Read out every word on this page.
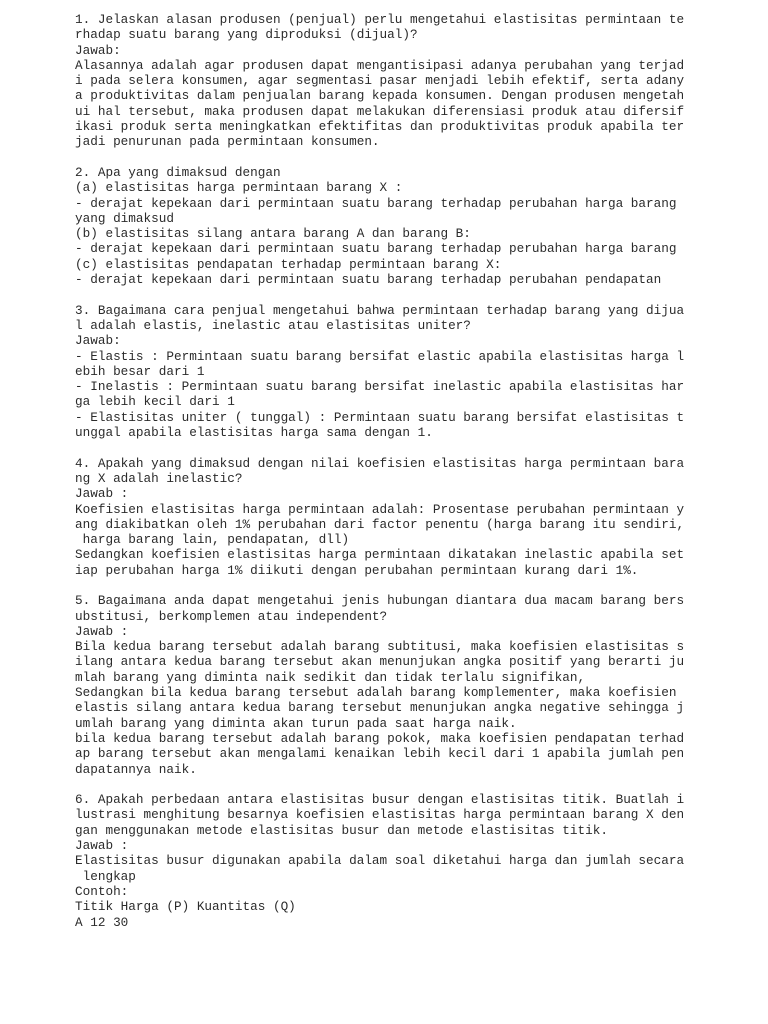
1. Jelaskan alasan produsen (penjual) perlu mengetahui elastisitas permintaan te
rhadap suatu barang yang diproduksi (dijual)?
Jawab:
Alasannya adalah agar produsen dapat mengantisipasi adanya perubahan yang terjad
i pada selera konsumen, agar segmentasi pasar menjadi lebih efektif, serta adany
a produktivitas dalam penjualan barang kepada konsumen. Dengan produsen mengetah
ui hal tersebut, maka produsen dapat melakukan diferensiasi produk atau difersif
ikasi produk serta meningkatkan efektifitas dan produktivitas produk apabila ter
jadi penurunan pada permintaan konsumen.
2. Apa yang dimaksud dengan
(a) elastisitas harga permintaan barang X :
- derajat kepekaan dari permintaan suatu barang terhadap perubahan harga barang
yang dimaksud
(b) elastisitas silang antara barang A dan barang B:
- derajat kepekaan dari permintaan suatu barang terhadap perubahan harga barang
(c) elastisitas pendapatan terhadap permintaan barang X:
- derajat kepekaan dari permintaan suatu barang terhadap perubahan pendapatan
3. Bagaimana cara penjual mengetahui bahwa permintaan terhadap barang yang dijua
l adalah elastis, inelastic atau elastisitas uniter?
Jawab:
- Elastis : Permintaan suatu barang bersifat elastic apabila elastisitas harga l
ebih besar dari 1
- Inelastis : Permintaan suatu barang bersifat inelastic apabila elastisitas har
ga lebih kecil dari 1
- Elastisitas uniter ( tunggal) : Permintaan suatu barang bersifat elastisitas t
unggal apabila elastisitas harga sama dengan 1.
4. Apakah yang dimaksud dengan nilai koefisien elastisitas harga permintaan bara
ng X adalah inelastic?
Jawab :
Koefisien elastisitas harga permintaan adalah: Prosentase perubahan permintaan y
ang diakibatkan oleh 1% perubahan dari factor penentu (harga barang itu sendiri,
harga barang lain, pendapatan, dll)
Sedangkan koefisien elastisitas harga permintaan dikatakan inelastic apabila set
iap perubahan harga 1% diikuti dengan perubahan permintaan kurang dari 1%.
5. Bagaimana anda dapat mengetahui jenis hubungan diantara dua macam barang bers
ubstitusi, berkomplemen atau independent?
Jawab :
Bila kedua barang tersebut adalah barang subtitusi, maka koefisien elastisitas s
ilang antara kedua barang tersebut akan menunjukan angka positif yang berarti ju
mlah barang yang diminta naik sedikit dan tidak terlalu signifikan,
Sedangkan bila kedua barang tersebut adalah barang komplementer, maka koefisien
elastis silang antara kedua barang tersebut menunjukan angka negative sehingga j
umlah barang yang diminta akan turun pada saat harga naik.
bila kedua barang tersebut adalah barang pokok, maka koefisien pendapatan terhad
ap barang tersebut akan mengalami kenaikan lebih kecil dari 1 apabila jumlah pen
dapatannya naik.
6. Apakah perbedaan antara elastisitas busur dengan elastisitas titik. Buatlah i
lustrasi menghitung besarnya koefisien elastisitas harga permintaan barang X den
gan menggunakan metode elastisitas busur dan metode elastisitas titik.
Jawab :
Elastisitas busur digunakan apabila dalam soal diketahui harga dan jumlah secara
lengkap
Contoh:
Titik Harga (P) Kuantitas (Q)
A 12 30
